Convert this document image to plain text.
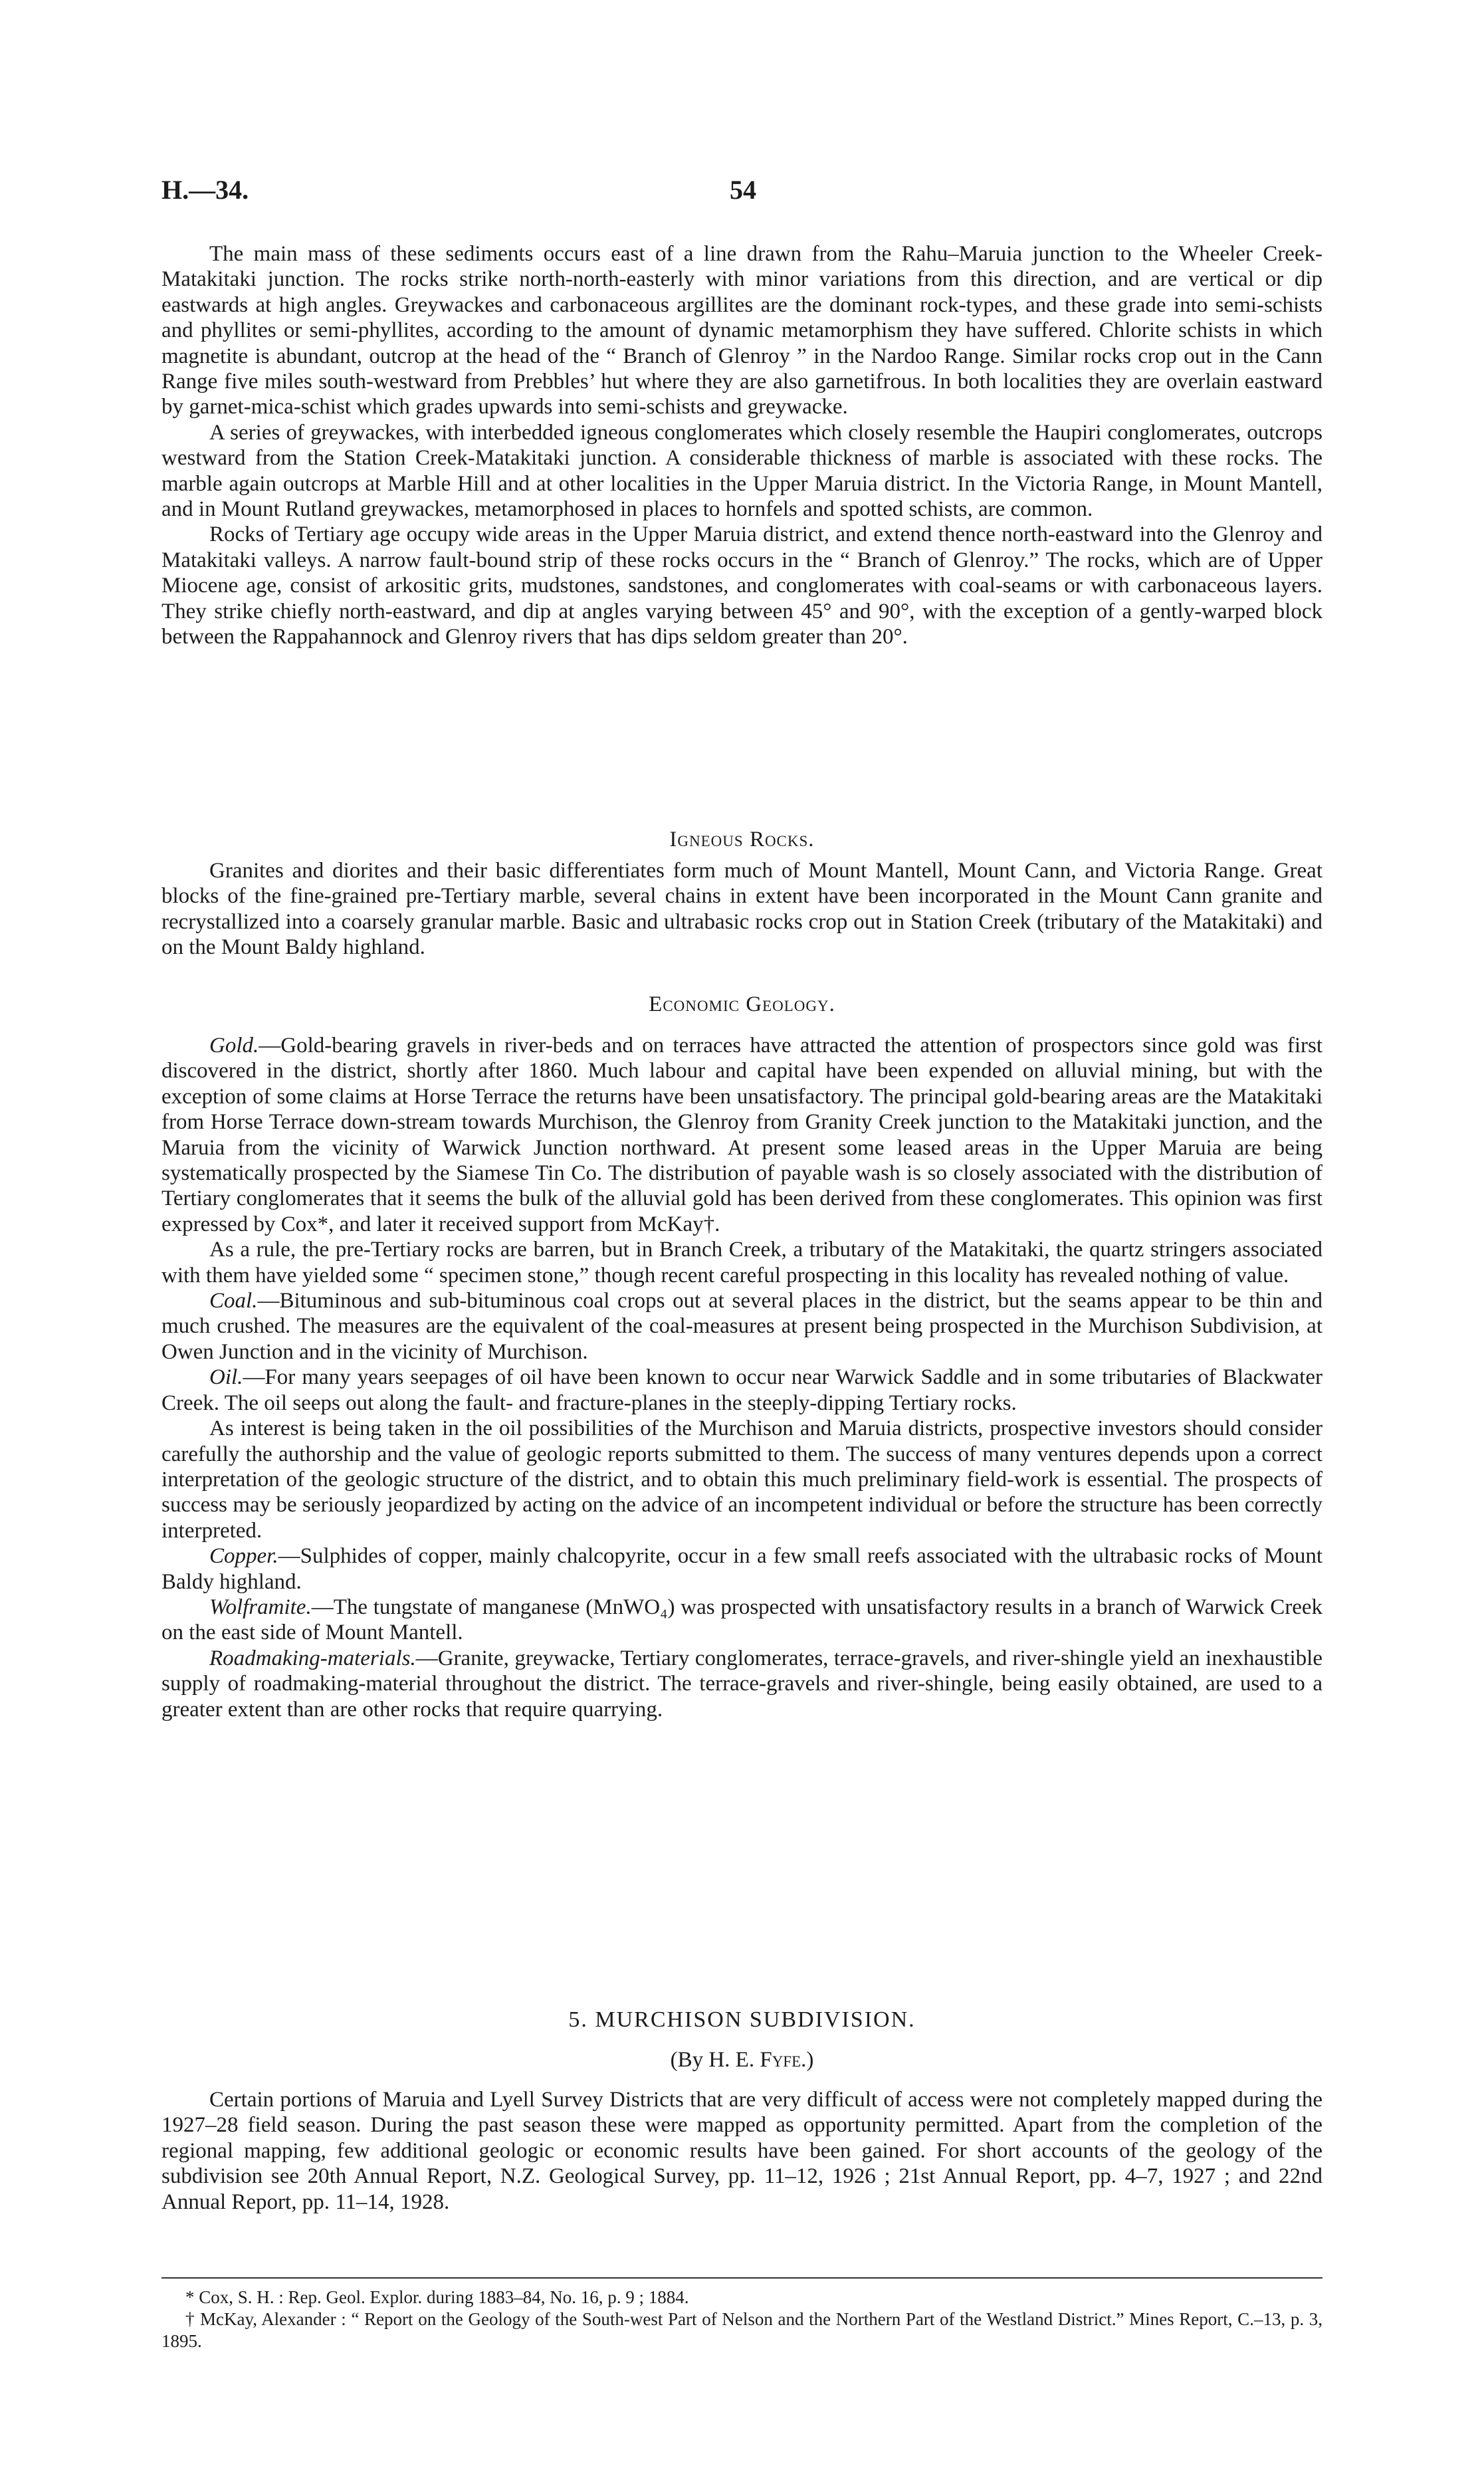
H.—34.	54

The main mass of these sediments occurs east of a line drawn from the Rahu–Maruia junction to the Wheeler Creek-Matakitaki junction. The rocks strike north-north-easterly with minor variations from this direction, and are vertical or dip eastwards at high angles. Greywackes and carbonaceous argillites are the dominant rock-types, and these grade into semi-schists and phyllites or semi-phyllites, according to the amount of dynamic metamorphism they have suffered. Chlorite schists in which magnetite is abundant, outcrop at the head of the “ Branch of Glenroy ” in the Nardoo Range. Similar rocks crop out in the Cann Range five miles south-westward from Prebbles’ hut where they are also garnetifrous. In both localities they are overlain eastward by garnet-mica-schist which grades upwards into semi-schists and greywacke.

A series of greywackes, with interbedded igneous conglomerates which closely resemble the Haupiri conglomerates, outcrops westward from the Station Creek-Matakitaki junction. A considerable thickness of marble is associated with these rocks. The marble again outcrops at Marble Hill and at other localities in the Upper Maruia district. In the Victoria Range, in Mount Mantell, and in Mount Rutland greywackes, metamorphosed in places to hornfels and spotted schists, are common.

Rocks of Tertiary age occupy wide areas in the Upper Maruia district, and extend thence north-eastward into the Glenroy and Matakitaki valleys. A narrow fault-bound strip of these rocks occurs in the “ Branch of Glenroy.” The rocks, which are of Upper Miocene age, consist of arkositic grits, mudstones, sandstones, and conglomerates with coal-seams or with carbonaceous layers. They strike chiefly north-eastward, and dip at angles varying between 45° and 90°, with the exception of a gently-warped block between the Rappahannock and Glenroy rivers that has dips seldom greater than 20°.

Igneous Rocks.

Granites and diorites and their basic differentiates form much of Mount Mantell, Mount Cann, and Victoria Range. Great blocks of the fine-grained pre-Tertiary marble, several chains in extent have been incorporated in the Mount Cann granite and recrystallized into a coarsely granular marble. Basic and ultrabasic rocks crop out in Station Creek (tributary of the Matakitaki) and on the Mount Baldy highland.

Economic Geology.

Gold.—Gold-bearing gravels in river-beds and on terraces have attracted the attention of prospectors since gold was first discovered in the district, shortly after 1860. Much labour and capital have been expended on alluvial mining, but with the exception of some claims at Horse Terrace the returns have been unsatisfactory. The principal gold-bearing areas are the Matakitaki from Horse Terrace down-stream towards Murchison, the Glenroy from Granity Creek junction to the Matakitaki junction, and the Maruia from the vicinity of Warwick Junction northward. At present some leased areas in the Upper Maruia are being systematically prospected by the Siamese Tin Co. The distribution of payable wash is so closely associated with the distribution of Tertiary conglomerates that it seems the bulk of the alluvial gold has been derived from these conglomerates. This opinion was first expressed by Cox*, and later it received support from McKay†.

As a rule, the pre-Tertiary rocks are barren, but in Branch Creek, a tributary of the Matakitaki, the quartz stringers associated with them have yielded some “ specimen stone,” though recent careful prospecting in this locality has revealed nothing of value.

Coal.—Bituminous and sub-bituminous coal crops out at several places in the district, but the seams appear to be thin and much crushed. The measures are the equivalent of the coal-measures at present being prospected in the Murchison Subdivision, at Owen Junction and in the vicinity of Murchison.

Oil.—For many years seepages of oil have been known to occur near Warwick Saddle and in some tributaries of Blackwater Creek. The oil seeps out along the fault- and fracture-planes in the steeply-dipping Tertiary rocks.

As interest is being taken in the oil possibilities of the Murchison and Maruia districts, prospective investors should consider carefully the authorship and the value of geologic reports submitted to them. The success of many ventures depends upon a correct interpretation of the geologic structure of the district, and to obtain this much preliminary field-work is essential. The prospects of success may be seriously jeopardized by acting on the advice of an incompetent individual or before the structure has been correctly interpreted.

Copper.—Sulphides of copper, mainly chalcopyrite, occur in a few small reefs associated with the ultrabasic rocks of Mount Baldy highland.

Wolframite.—The tungstate of manganese (MnWO₄) was prospected with unsatisfactory results in a branch of Warwick Creek on the east side of Mount Mantell.

Roadmaking-materials.—Granite, greywacke, Tertiary conglomerates, terrace-gravels, and river-shingle yield an inexhaustible supply of roadmaking-material throughout the district. The terrace-gravels and river-shingle, being easily obtained, are used to a greater extent than are other rocks that require quarrying.

5. MURCHISON SUBDIVISION.

(By H. E. Fyfe.)

Certain portions of Maruia and Lyell Survey Districts that are very difficult of access were not completely mapped during the 1927–28 field season. During the past season these were mapped as opportunity permitted. Apart from the completion of the regional mapping, few additional geologic or economic results have been gained. For short accounts of the geology of the subdivision see 20th Annual Report, N.Z. Geological Survey, pp. 11–12, 1926 ; 21st Annual Report, pp. 4–7, 1927 ; and 22nd Annual Report, pp. 11–14, 1928.

* Cox, S. H. : Rep. Geol. Explor. during 1883–84, No. 16, p. 9 ; 1884.

† McKay, Alexander : “ Report on the Geology of the South-west Part of Nelson and the Northern Part of the Westland District.” Mines Report, C.–13, p. 3, 1895.
